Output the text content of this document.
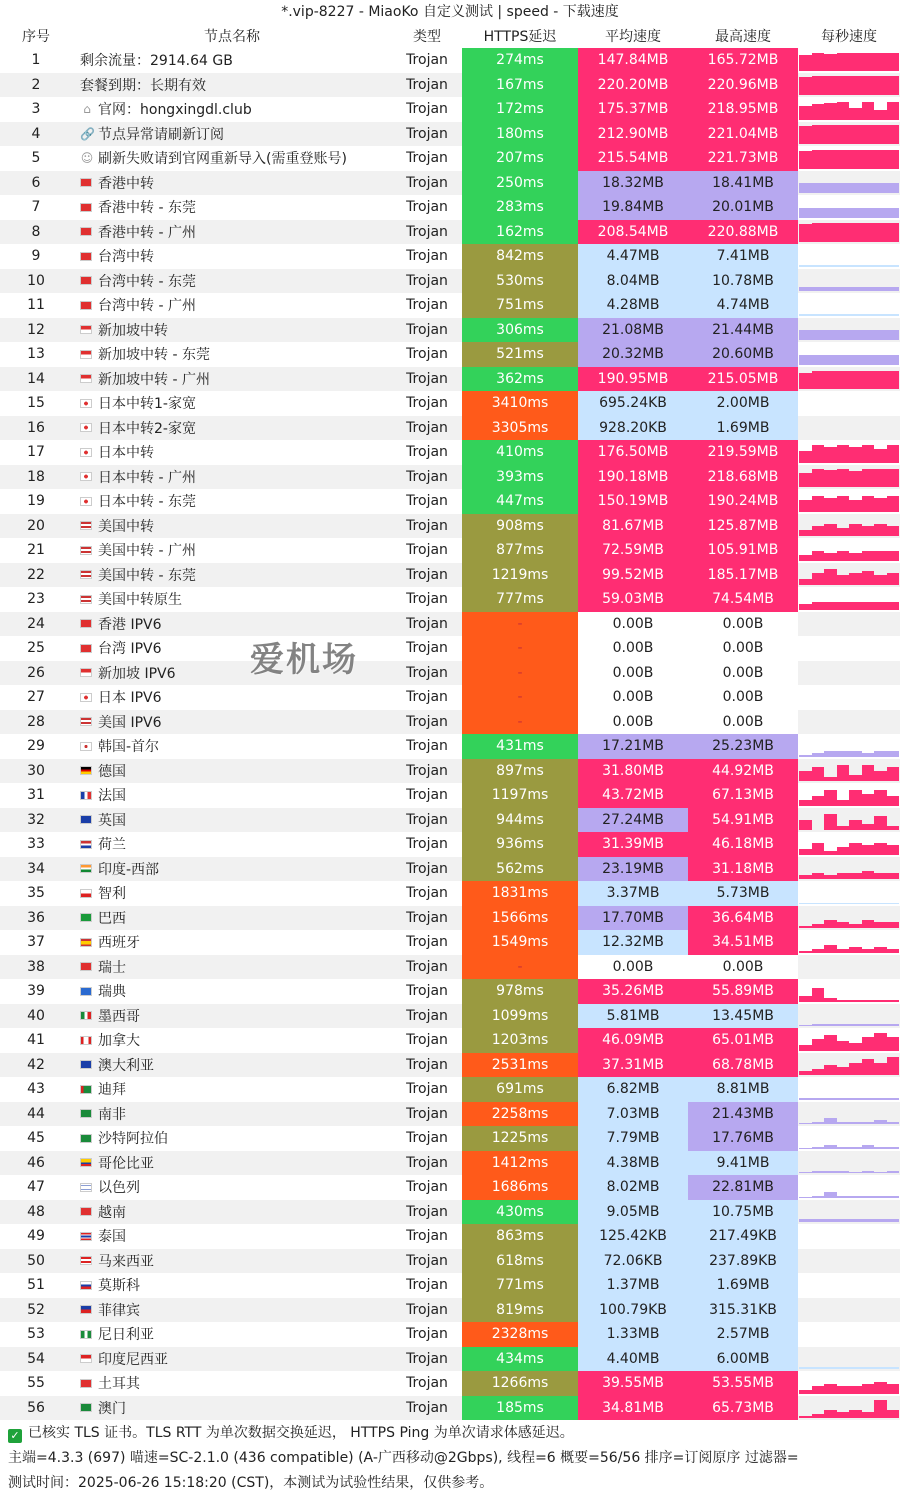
*.vip-8227 - MiaoKo 自定义测试 | speed - 下载速度
序号	节点名称	类型	HTTPS延迟	平均速度	最高速度	每秒速度
1	剩余流量：2914.64 GB	Trojan	274ms	147.84MB	165.72MB
2	套餐到期：长期有效	Trojan	167ms	220.20MB	220.96MB
3	⌂ 官网：hongxingdl.club	Trojan	172ms	175.37MB	218.95MB
4	🔗 节点异常请刷新订阅	Trojan	180ms	212.90MB	221.04MB
5	☺ 刷新失败请到官网重新导入(需重登账号)	Trojan	207ms	215.54MB	221.73MB
6	香港中转	Trojan	250ms	18.32MB	18.41MB
7	香港中转 - 东莞	Trojan	283ms	19.84MB	20.01MB
8	香港中转 - 广州	Trojan	162ms	208.54MB	220.88MB
9	台湾中转	Trojan	842ms	4.47MB	7.41MB
10	台湾中转 - 东莞	Trojan	530ms	8.04MB	10.78MB
11	台湾中转 - 广州	Trojan	751ms	4.28MB	4.74MB
12	新加坡中转	Trojan	306ms	21.08MB	21.44MB
13	新加坡中转 - 东莞	Trojan	521ms	20.32MB	20.60MB
14	新加坡中转 - 广州	Trojan	362ms	190.95MB	215.05MB
15	日本中转1-家宽	Trojan	3410ms	695.24KB	2.00MB
16	日本中转2-家宽	Trojan	3305ms	928.20KB	1.69MB
17	日本中转	Trojan	410ms	176.50MB	219.59MB
18	日本中转 - 广州	Trojan	393ms	190.18MB	218.68MB
19	日本中转 - 东莞	Trojan	447ms	150.19MB	190.24MB
20	美国中转	Trojan	908ms	81.67MB	125.87MB
21	美国中转 - 广州	Trojan	877ms	72.59MB	105.91MB
22	美国中转 - 东莞	Trojan	1219ms	99.52MB	185.17MB
23	美国中转原生	Trojan	777ms	59.03MB	74.54MB
24	香港 IPV6	Trojan	-	0.00B	0.00B
25	台湾 IPV6	Trojan	-	0.00B	0.00B
26	新加坡 IPV6	Trojan	-	0.00B	0.00B
27	日本 IPV6	Trojan	-	0.00B	0.00B
28	美国 IPV6	Trojan	-	0.00B	0.00B
29	韩国-首尔	Trojan	431ms	17.21MB	25.23MB
30	德国	Trojan	897ms	31.80MB	44.92MB
31	法国	Trojan	1197ms	43.72MB	67.13MB
32	英国	Trojan	944ms	27.24MB	54.91MB
33	荷兰	Trojan	936ms	31.39MB	46.18MB
34	印度-西部	Trojan	562ms	23.19MB	31.18MB
35	智利	Trojan	1831ms	3.37MB	5.73MB
36	巴西	Trojan	1566ms	17.70MB	36.64MB
37	西班牙	Trojan	1549ms	12.32MB	34.51MB
38	瑞士	Trojan	-	0.00B	0.00B
39	瑞典	Trojan	978ms	35.26MB	55.89MB
40	墨西哥	Trojan	1099ms	5.81MB	13.45MB
41	加拿大	Trojan	1203ms	46.09MB	65.01MB
42	澳大利亚	Trojan	2531ms	37.31MB	68.78MB
43	迪拜	Trojan	691ms	6.82MB	8.81MB
44	南非	Trojan	2258ms	7.03MB	21.43MB
45	沙特阿拉伯	Trojan	1225ms	7.79MB	17.76MB
46	哥伦比亚	Trojan	1412ms	4.38MB	9.41MB
47	以色列	Trojan	1686ms	8.02MB	22.81MB
48	越南	Trojan	430ms	9.05MB	10.75MB
49	泰国	Trojan	863ms	125.42KB	217.49KB
50	马来西亚	Trojan	618ms	72.06KB	237.89KB
51	莫斯科	Trojan	771ms	1.37MB	1.69MB
52	菲律宾	Trojan	819ms	100.79KB	315.31KB
53	尼日利亚	Trojan	2328ms	1.33MB	2.57MB
54	印度尼西亚	Trojan	434ms	4.40MB	6.00MB
55	土耳其	Trojan	1266ms	39.55MB	53.55MB
56	澳门	Trojan	185ms	34.81MB	65.73MB
✓ 已核实 TLS 证书。TLS RTT 为单次数据交换延迟， HTTPS Ping 为单次请求体感延迟。
主端=4.3.3 (697) 喵速=SC-2.1.0 (436 compatible) (A-广西移动@2Gbps), 线程=6 概要=56/56 排序=订阅原序 过滤器=
测试时间：2025-06-26 15:18:20 (CST)，本测试为试验性结果，仅供参考。
爱机场
